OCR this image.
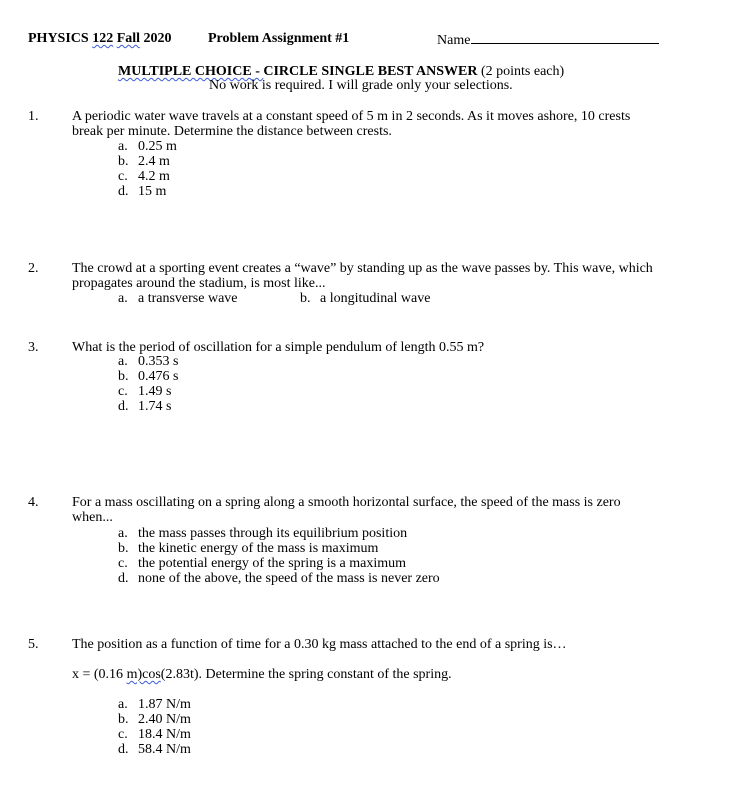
PHYSICS 122 Fall 2020	Problem Assignment #1	Name
MULTIPLE CHOICE - CIRCLE SINGLE BEST ANSWER (2 points each)
No work is required. I will grade only your selections.
1. A periodic water wave travels at a constant speed of 5 m in 2 seconds. As it moves ashore, 10 crests
break per minute. Determine the distance between crests.
a. 0.25 m
b. 2.4 m
c. 4.2 m
d. 15 m
2. The crowd at a sporting event creates a “wave” by standing up as the wave passes by. This wave, which
propagates around the stadium, is most like...
a. a transverse wave	b. a longitudinal wave
3. What is the period of oscillation for a simple pendulum of length 0.55 m?
a. 0.353 s
b. 0.476 s
c. 1.49 s
d. 1.74 s
4. For a mass oscillating on a spring along a smooth horizontal surface, the speed of the mass is zero
when...
a. the mass passes through its equilibrium position
b. the kinetic energy of the mass is maximum
c. the potential energy of the spring is a maximum
d. none of the above, the speed of the mass is never zero
5. The position as a function of time for a 0.30 kg mass attached to the end of a spring is…
x = (0.16 m)cos(2.83t). Determine the spring constant of the spring.
a. 1.87 N/m
b. 2.40 N/m
c. 18.4 N/m
d. 58.4 N/m
